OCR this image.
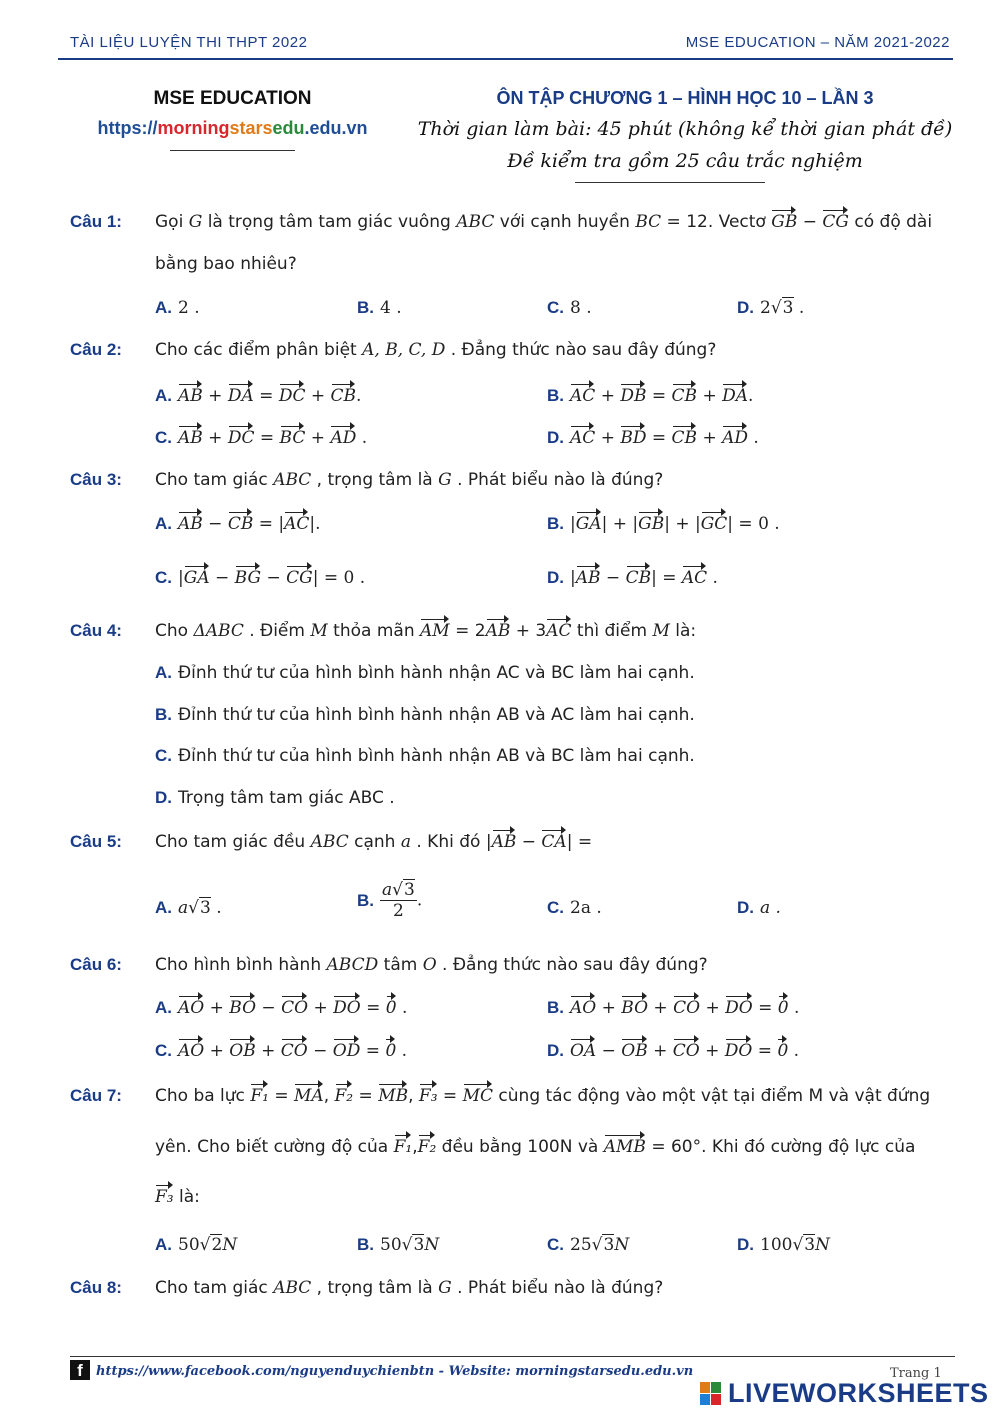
TÀI LIỆU LUYỆN THI THPT 2022	MSE EDUCATION – NĂM 2021-2022
MSE EDUCATION
https://morningstarsedu.edu.vn
ÔN TẬP CHƯƠNG 1 – HÌNH HỌC 10 – LẦN 3
Thời gian làm bài: 45 phút (không kể thời gian phát đề)
Đề kiểm tra gồm 25 câu trắc nghiệm
Câu 1: Gọi G là trọng tâm tam giác vuông ABC với cạnh huyền BC = 12. Vectơ GB − CG có độ dài
bằng bao nhiêu?
A. 2 .	B. 4 .	C. 8 .	D. 2√3 .
Câu 2: Cho các điểm phân biệt A, B, C, D . Đẳng thức nào sau đây đúng?
A. AB + DA = DC + CB.	B. AC + DB = CB + DA.
C. AB + DC = BC + AD .	D. AC + BD = CB + AD .
Câu 3: Cho tam giác ABC , trọng tâm là G . Phát biểu nào là đúng?
A. AB − CB = |AC|.	B. |GA| + |GB| + |GC| = 0 .
C. |GA − BG − CG| = 0 .	D. |AB − CB| = AC .
Câu 4: Cho ΔABC . Điểm M thỏa mãn AM = 2AB + 3AC thì điểm M là:
A. Đỉnh thứ tư của hình bình hành nhận AC và BC làm hai cạnh.
B. Đỉnh thứ tư của hình bình hành nhận AB và AC làm hai cạnh.
C. Đỉnh thứ tư của hình bình hành nhận AB và BC làm hai cạnh.
D. Trọng tâm tam giác ABC .
Câu 5: Cho tam giác đều ABC cạnh a . Khi đó |AB − CA| =
A. a√3 .	B. $\frac{a√3}{2}$ .	C. 2a .	D. a .
Câu 6: Cho hình bình hành ABCD tâm O . Đẳng thức nào sau đây đúng?
A. AO + BO − CO + DO = 0 .	B. AO + BO + CO + DO = 0 .
C. AO + OB + CO − OD = 0 .	D. OA − OB + CO + DO = 0 .
Câu 7: Cho ba lực F₁ = MA, F₂ = MB, F₃ = MC cùng tác động vào một vật tại điểm M và vật đứng
yên. Cho biết cường độ của F₁,F₂ đều bằng 100N và AMB = 60°. Khi đó cường độ lực của
F₃ là:
A. 50√2N	B. 50√3N	C. 25√3N	D. 100√3N
Câu 8: Cho tam giác ABC , trọng tâm là G . Phát biểu nào là đúng?
f	https://www.facebook.com/nguyenduychienbtn - Website: morningstarsedu.edu.vn	Trang 1
LIVEWORKSHEETS
